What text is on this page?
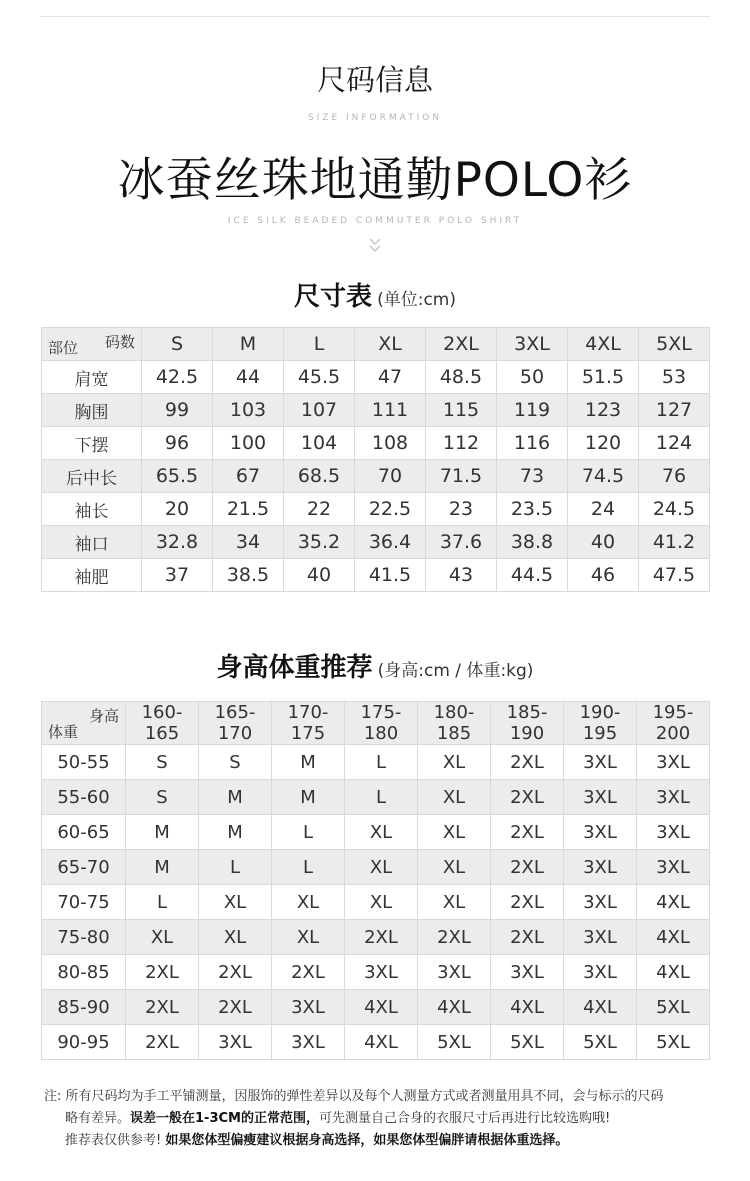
尺码信息
SIZE INFORMATION
冰蚕丝珠地通勤POLO衫
ICE SILK BEADED COMMUTER POLO SHIRT
尺寸表 (单位:cm)
码数
部位	S	M	L	XL	2XL	3XL	4XL	5XL
肩宽	42.5	44	45.5	47	48.5	50	51.5	53
胸围	99	103	107	111	115	119	123	127
下摆	96	100	104	108	112	116	120	124
后中长	65.5	67	68.5	70	71.5	73	74.5	76
袖长	20	21.5	22	22.5	23	23.5	24	24.5
袖口	32.8	34	35.2	36.4	37.6	38.8	40	41.2
袖肥	37	38.5	40	41.5	43	44.5	46	47.5
身高体重推荐 (身高:cm / 体重:kg)
身高
体重	160-165	165-170	170-175	175-180	180-185	185-190	190-195	195-200
50-55	S	S	M	L	XL	2XL	3XL	3XL
55-60	S	M	M	L	XL	2XL	3XL	3XL
60-65	M	M	L	XL	XL	2XL	3XL	3XL
65-70	M	L	L	XL	XL	2XL	3XL	3XL
70-75	L	XL	XL	XL	XL	2XL	3XL	4XL
75-80	XL	XL	XL	2XL	2XL	2XL	3XL	4XL
80-85	2XL	2XL	2XL	3XL	3XL	3XL	3XL	4XL
85-90	2XL	2XL	3XL	4XL	4XL	4XL	4XL	5XL
90-95	2XL	3XL	3XL	4XL	5XL	5XL	5XL	5XL
注: 所有尺码均为手工平铺测量，因服饰的弹性差异以及每个人测量方式或者测量用具不同，会与标示的尺码
略有差异。误差一般在1-3CM的正常范围，可先测量自己合身的衣服尺寸后再进行比较选购哦!
推荐表仅供参考! 如果您体型偏瘦建议根据身高选择，如果您体型偏胖请根据体重选择。
